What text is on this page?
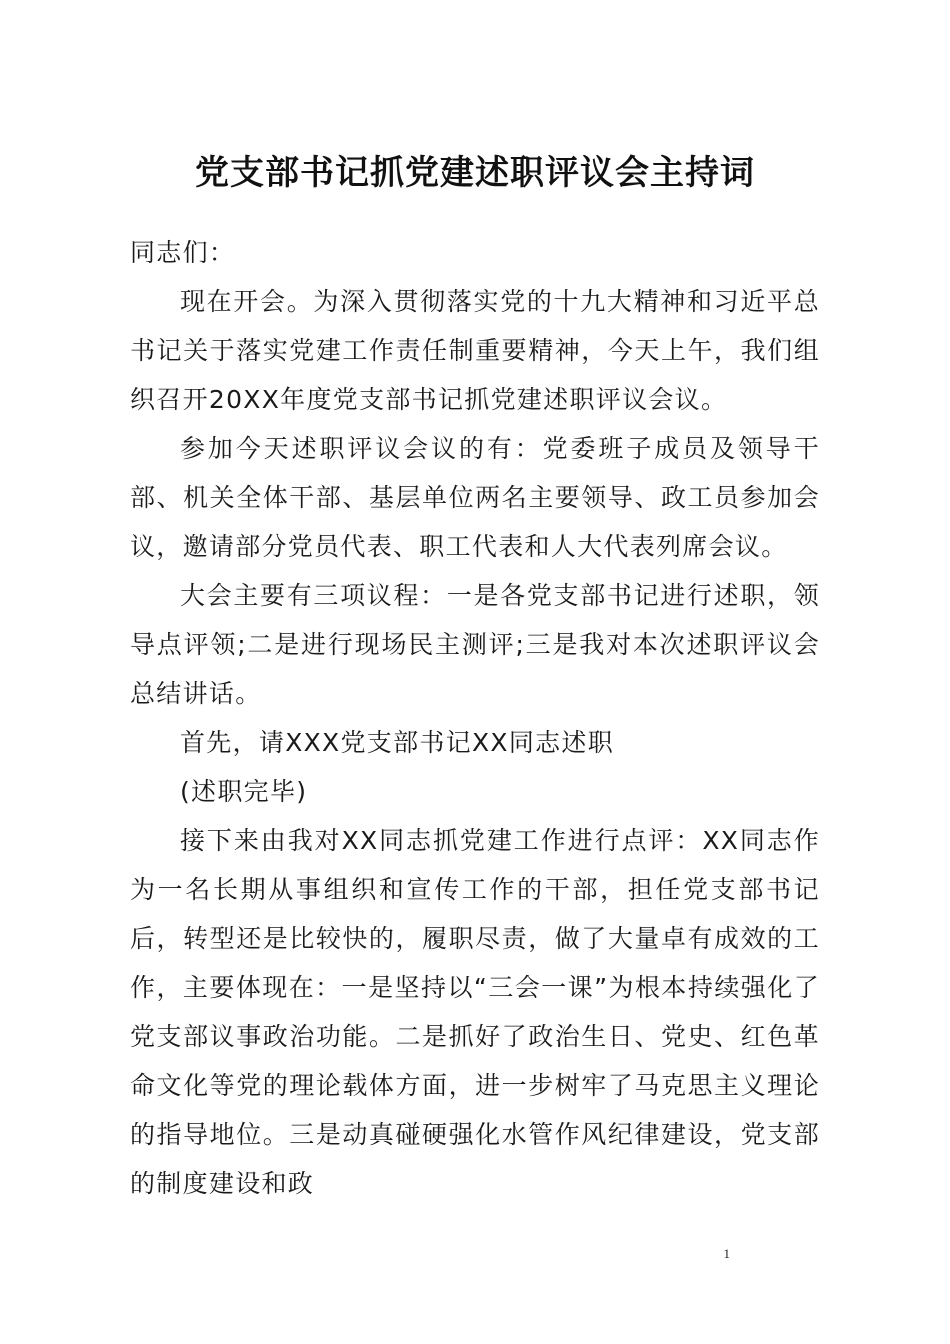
党支部书记抓党建述职评议会主持词

同志们：

现在开会。为深入贯彻落实党的十九大精神和习近平总书记关于落实党建工作责任制重要精神，今天上午，我们组织召开20XX年度党支部书记抓党建述职评议会议。

参加今天述职评议会议的有：党委班子成员及领导干部、机关全体干部、基层单位两名主要领导、政工员参加会议，邀请部分党员代表、职工代表和人大代表列席会议。

大会主要有三项议程：一是各党支部书记进行述职，领导点评领;二是进行现场民主测评;三是我对本次述职评议会总结讲话。

首先，请XXX党支部书记XX同志述职

(述职完毕)

接下来由我对XX同志抓党建工作进行点评：XX同志作为一名长期从事组织和宣传工作的干部，担任党支部书记后，转型还是比较快的，履职尽责，做了大量卓有成效的工作，主要体现在：一是坚持以“三会一课”为根本持续强化了党支部议事政治功能。二是抓好了政治生日、党史、红色革命文化等党的理论载体方面，进一步树牢了马克思主义理论的指导地位。三是动真碰硬强化水管作风纪律建设，党支部的制度建设和政

1
